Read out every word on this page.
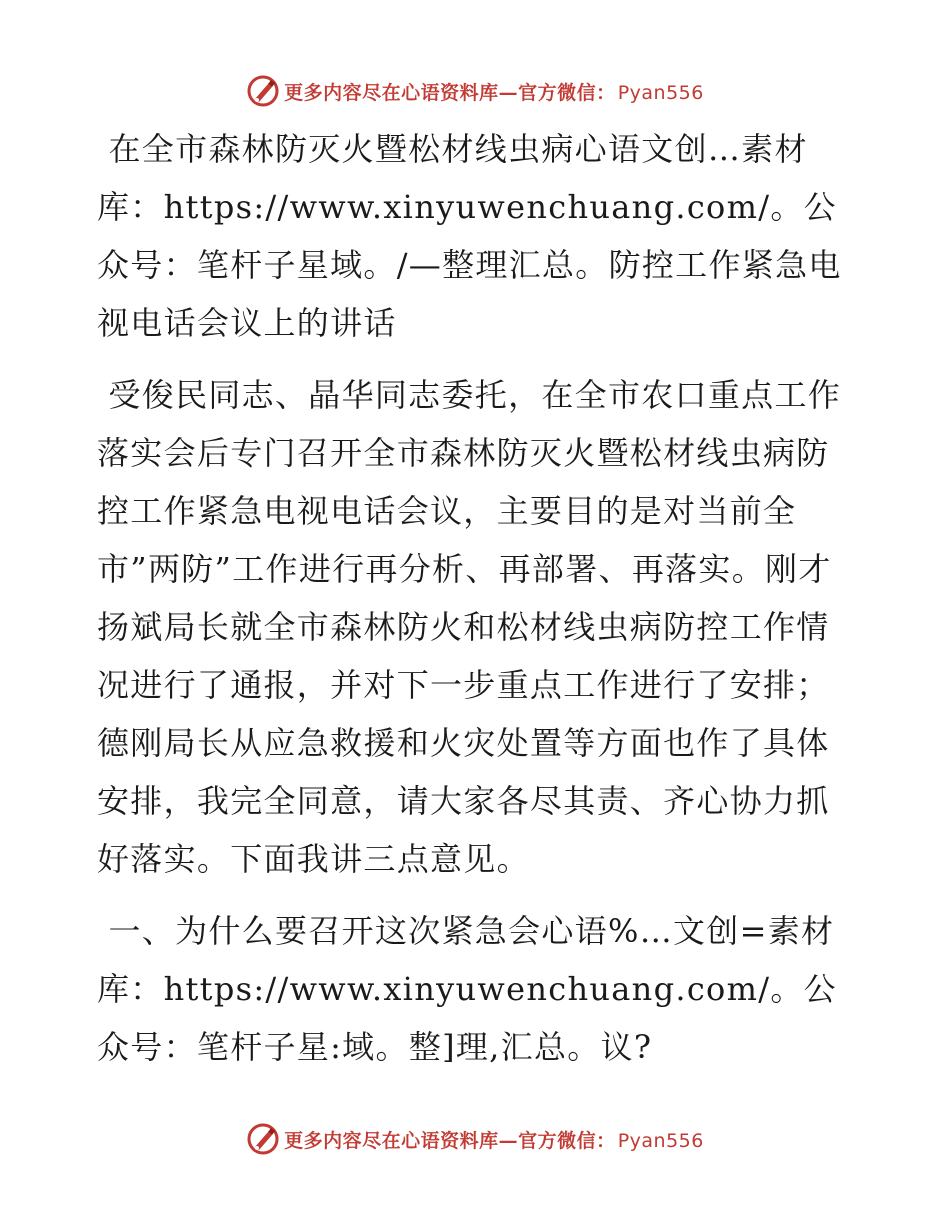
更多内容尽在心语资料库—官方微信： Pyan556

在全市森林防灭火暨松材线虫病心语文创…素材库：https://www.xinyuwenchuang.com/。公众号：笔杆子星域。/—整理汇总。防控工作紧急电视电话会议上的讲话

受俊民同志、晶华同志委托，在全市农口重点工作落实会后专门召开全市森林防灭火暨松材线虫病防控工作紧急电视电话会议，主要目的是对当前全市”两防”工作进行再分析、再部署、再落实。刚才扬斌局长就全市森林防火和松材线虫病防控工作情况进行了通报，并对下一步重点工作进行了安排；德刚局长从应急救援和火灾处置等方面也作了具体安排，我完全同意，请大家各尽其责、齐心协力抓好落实。下面我讲三点意见。

一、为什么要召开这次紧急会心语%…文创=素材库：https://www.xinyuwenchuang.com/。公众号：笔杆子星:域。整]理,汇总。议?

更多内容尽在心语资料库—官方微信： Pyan556
